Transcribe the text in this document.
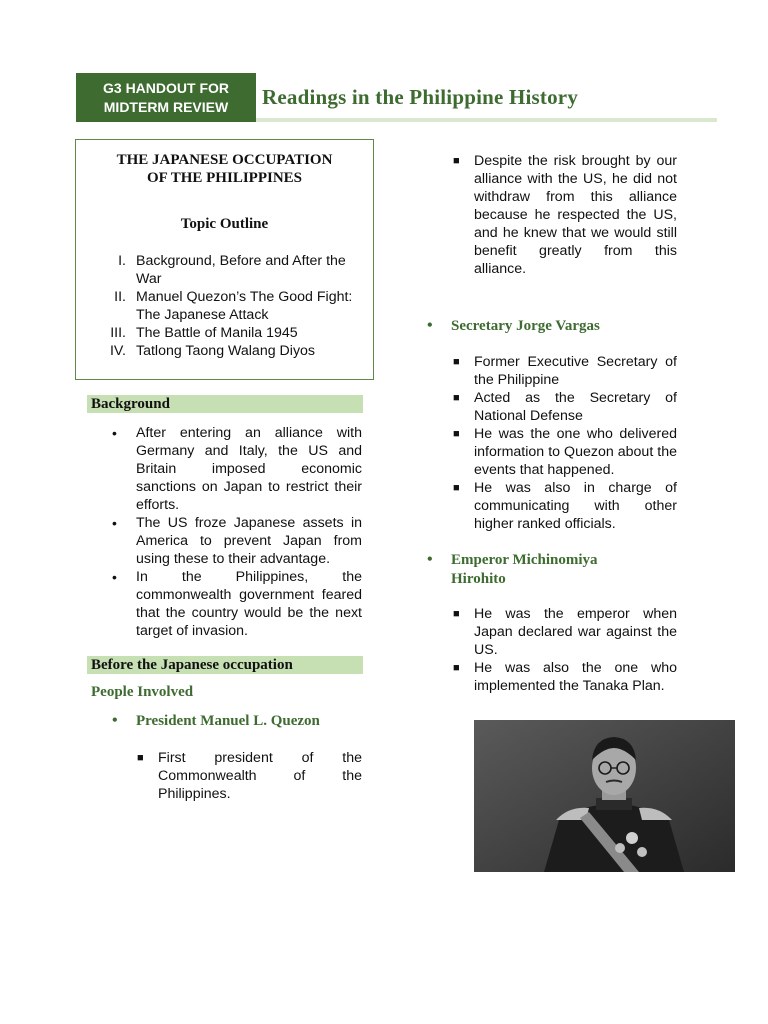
G3 HANDOUT FOR
MIDTERM REVIEW	Readings in the Philippine History
THE JAPANESE OCCUPATION
OF THE PHILIPPINES
Topic Outline
I. Background, Before and After the War
II. Manuel Quezon’s The Good Fight: The Japanese Attack
III. The Battle of Manila 1945
IV. Tatlong Taong Walang Diyos
Background
• After entering an alliance with Germany and Italy, the US and Britain imposed economic sanctions on Japan to restrict their efforts.
• The US froze Japanese assets in America to prevent Japan from using these to their advantage.
• In the Philippines, the commonwealth government feared that the country would be the next target of invasion.
Before the Japanese occupation
People Involved
• President Manuel L. Quezon
■ First president of the Commonwealth of the Philippines.
■ Despite the risk brought by our alliance with the US, he did not withdraw from this alliance because he respected the US, and he knew that we would still benefit greatly from this alliance.
• Secretary Jorge Vargas
■ Former Executive Secretary of the Philippine
■ Acted as the Secretary of National Defense
■ He was the one who delivered information to Quezon about the events that happened.
■ He was also in charge of communicating with other higher ranked officials.
• Emperor Michinomiya
Hirohito
■ He was the emperor when Japan declared war against the US.
■ He was also the one who implemented the Tanaka Plan.
